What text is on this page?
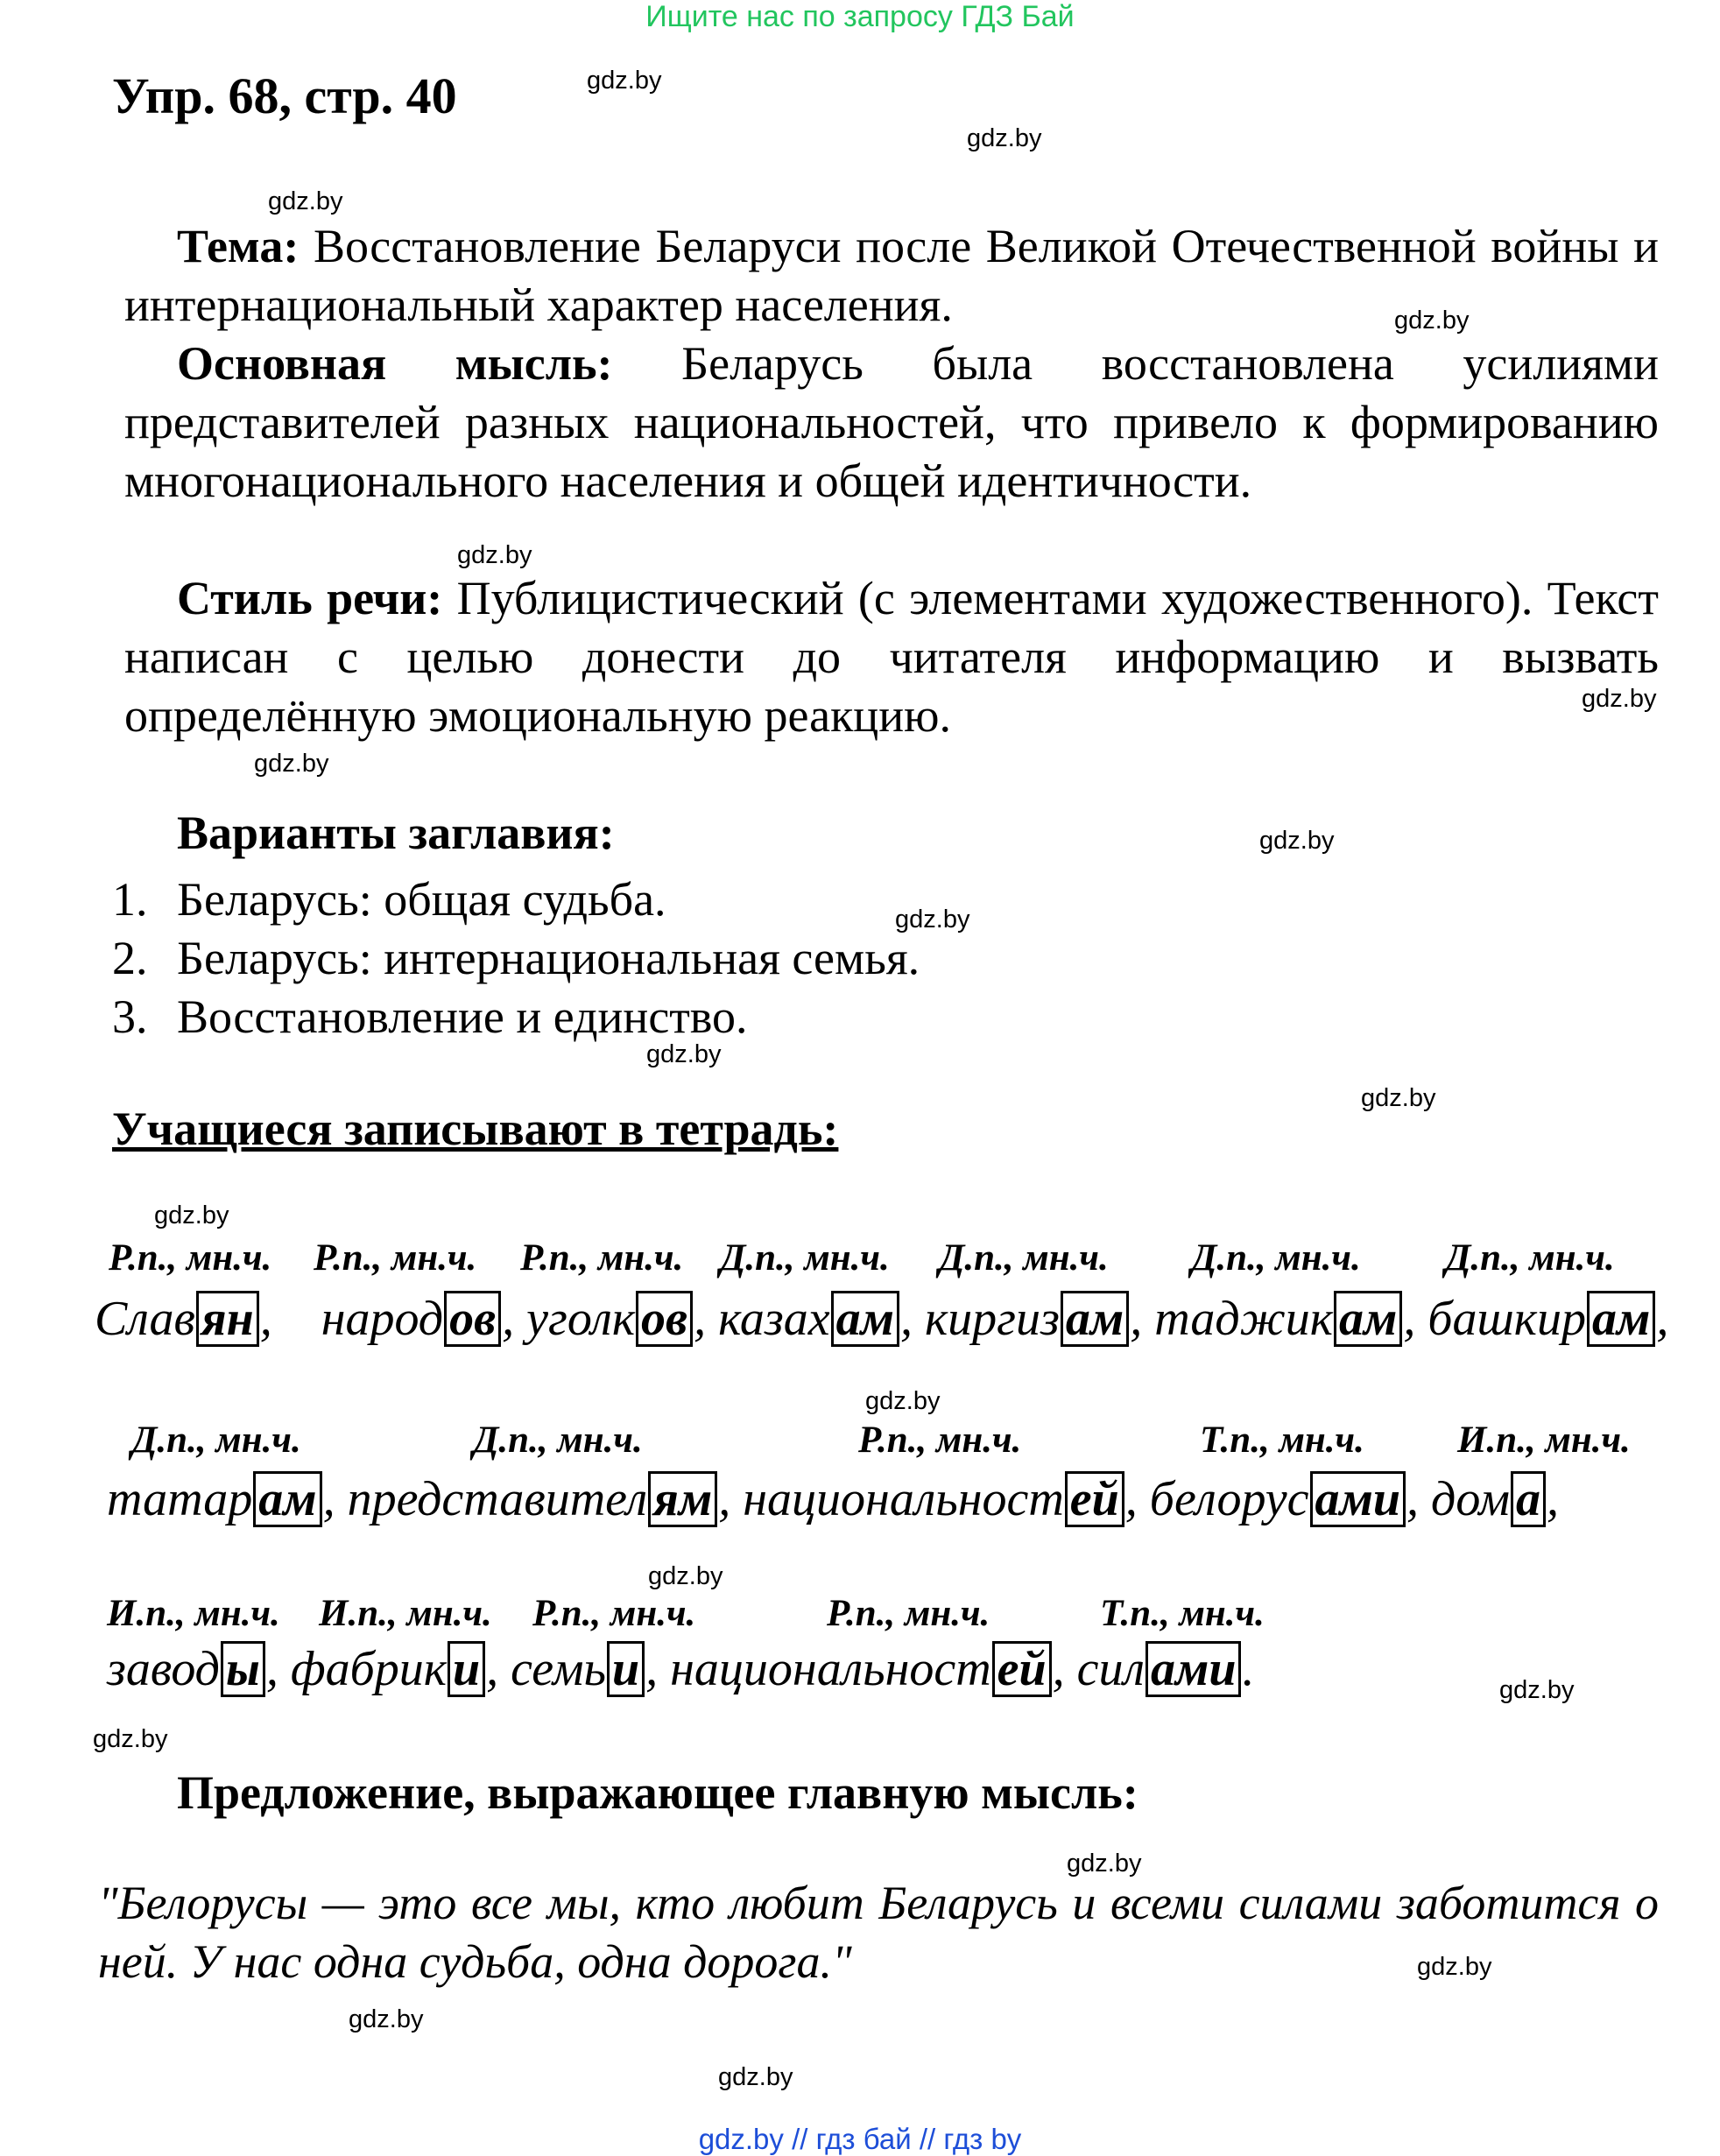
Ищите нас по запросу ГДЗ Бай
Упр. 68, стр. 40	gdz.by
gdz.by
gdz.by
gdz.by
gdz.by
gdz.by
gdz.by
gdz.by
gdz.by
gdz.by
gdz.by
gdz.by
gdz.by
gdz.by
gdz.by
gdz.by
gdz.by
gdz.by
gdz.by
gdz.by
Тема: Восстановление Беларуси после Великой Отечественной войны и интернациональный характер населения.
Основная мысль: Беларусь была восстановлена усилиями представителей разных национальностей, что привело к формированию многонационального населения и общей идентичности.
Стиль речи: Публицистический (с элементами художественного). Текст написан с целью донести до читателя информацию и вызвать определённую эмоциональную реакцию.
Варианты заглавия:
1. Беларусь: общая судьба.
2. Беларусь: интернациональная семья.
3. Восстановление и единство.
Учащиеся записывают в тетрадь:
Р.п., мн.ч. Р.п., мн.ч. Р.п., мн.ч. Д.п., мн.ч. Д.п., мн.ч. Д.п., мн.ч. Д.п., мн.ч.
Слав ян , народ ов , уголк ов , казах ам , киргиз ам , таджик ам , башкир ам ,
Д.п., мн.ч.	Д.п., мн.ч.	Р.п., мн.ч.	Т.п., мн.ч. И.п., мн.ч.
татар ам , представител ям , национальност ей , белорус ами , дом а ,
И.п., мн.ч. И.п., мн.ч. Р.п., мн.ч.	Р.п., мн.ч.	Т.п., мн.ч.
завод ы , фабрик и , семь и , национальност ей , сил ами .
Предложение, выражающее главную мысль:
"Белорусы — это все мы, кто любит Беларусь и всеми силами заботится о ней. У нас одна судьба, одна дорога."
gdz.by // гдз бай // гдз by
